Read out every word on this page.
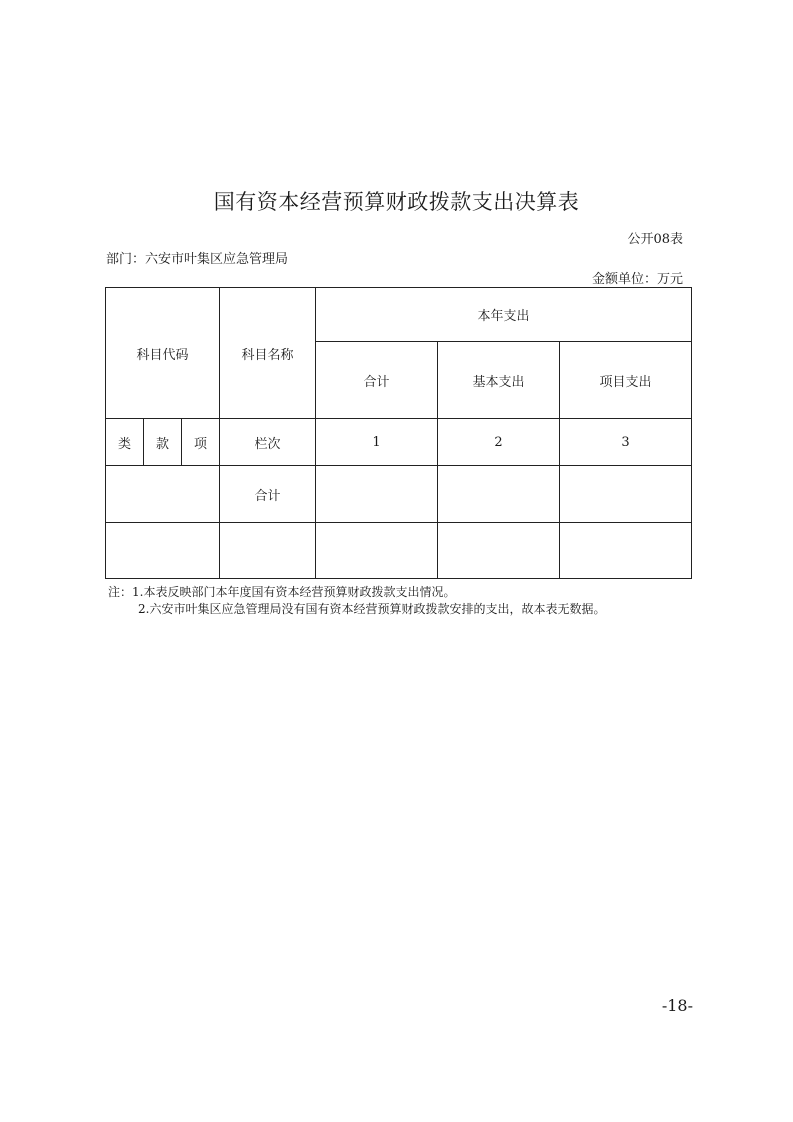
国有资本经营预算财政拨款支出决算表
公开08表
部门：六安市叶集区应急管理局
金额单位：万元
科目代码			科目名称	本年支出		
				合计	基本支出	项目支出
类	款	项	栏次	1	2	3
			合计			

注：1.本表反映部门本年度国有资本经营预算财政拨款支出情况。
2.六安市叶集区应急管理局没有国有资本经营预算财政拨款安排的支出，故本表无数据。
-18-
